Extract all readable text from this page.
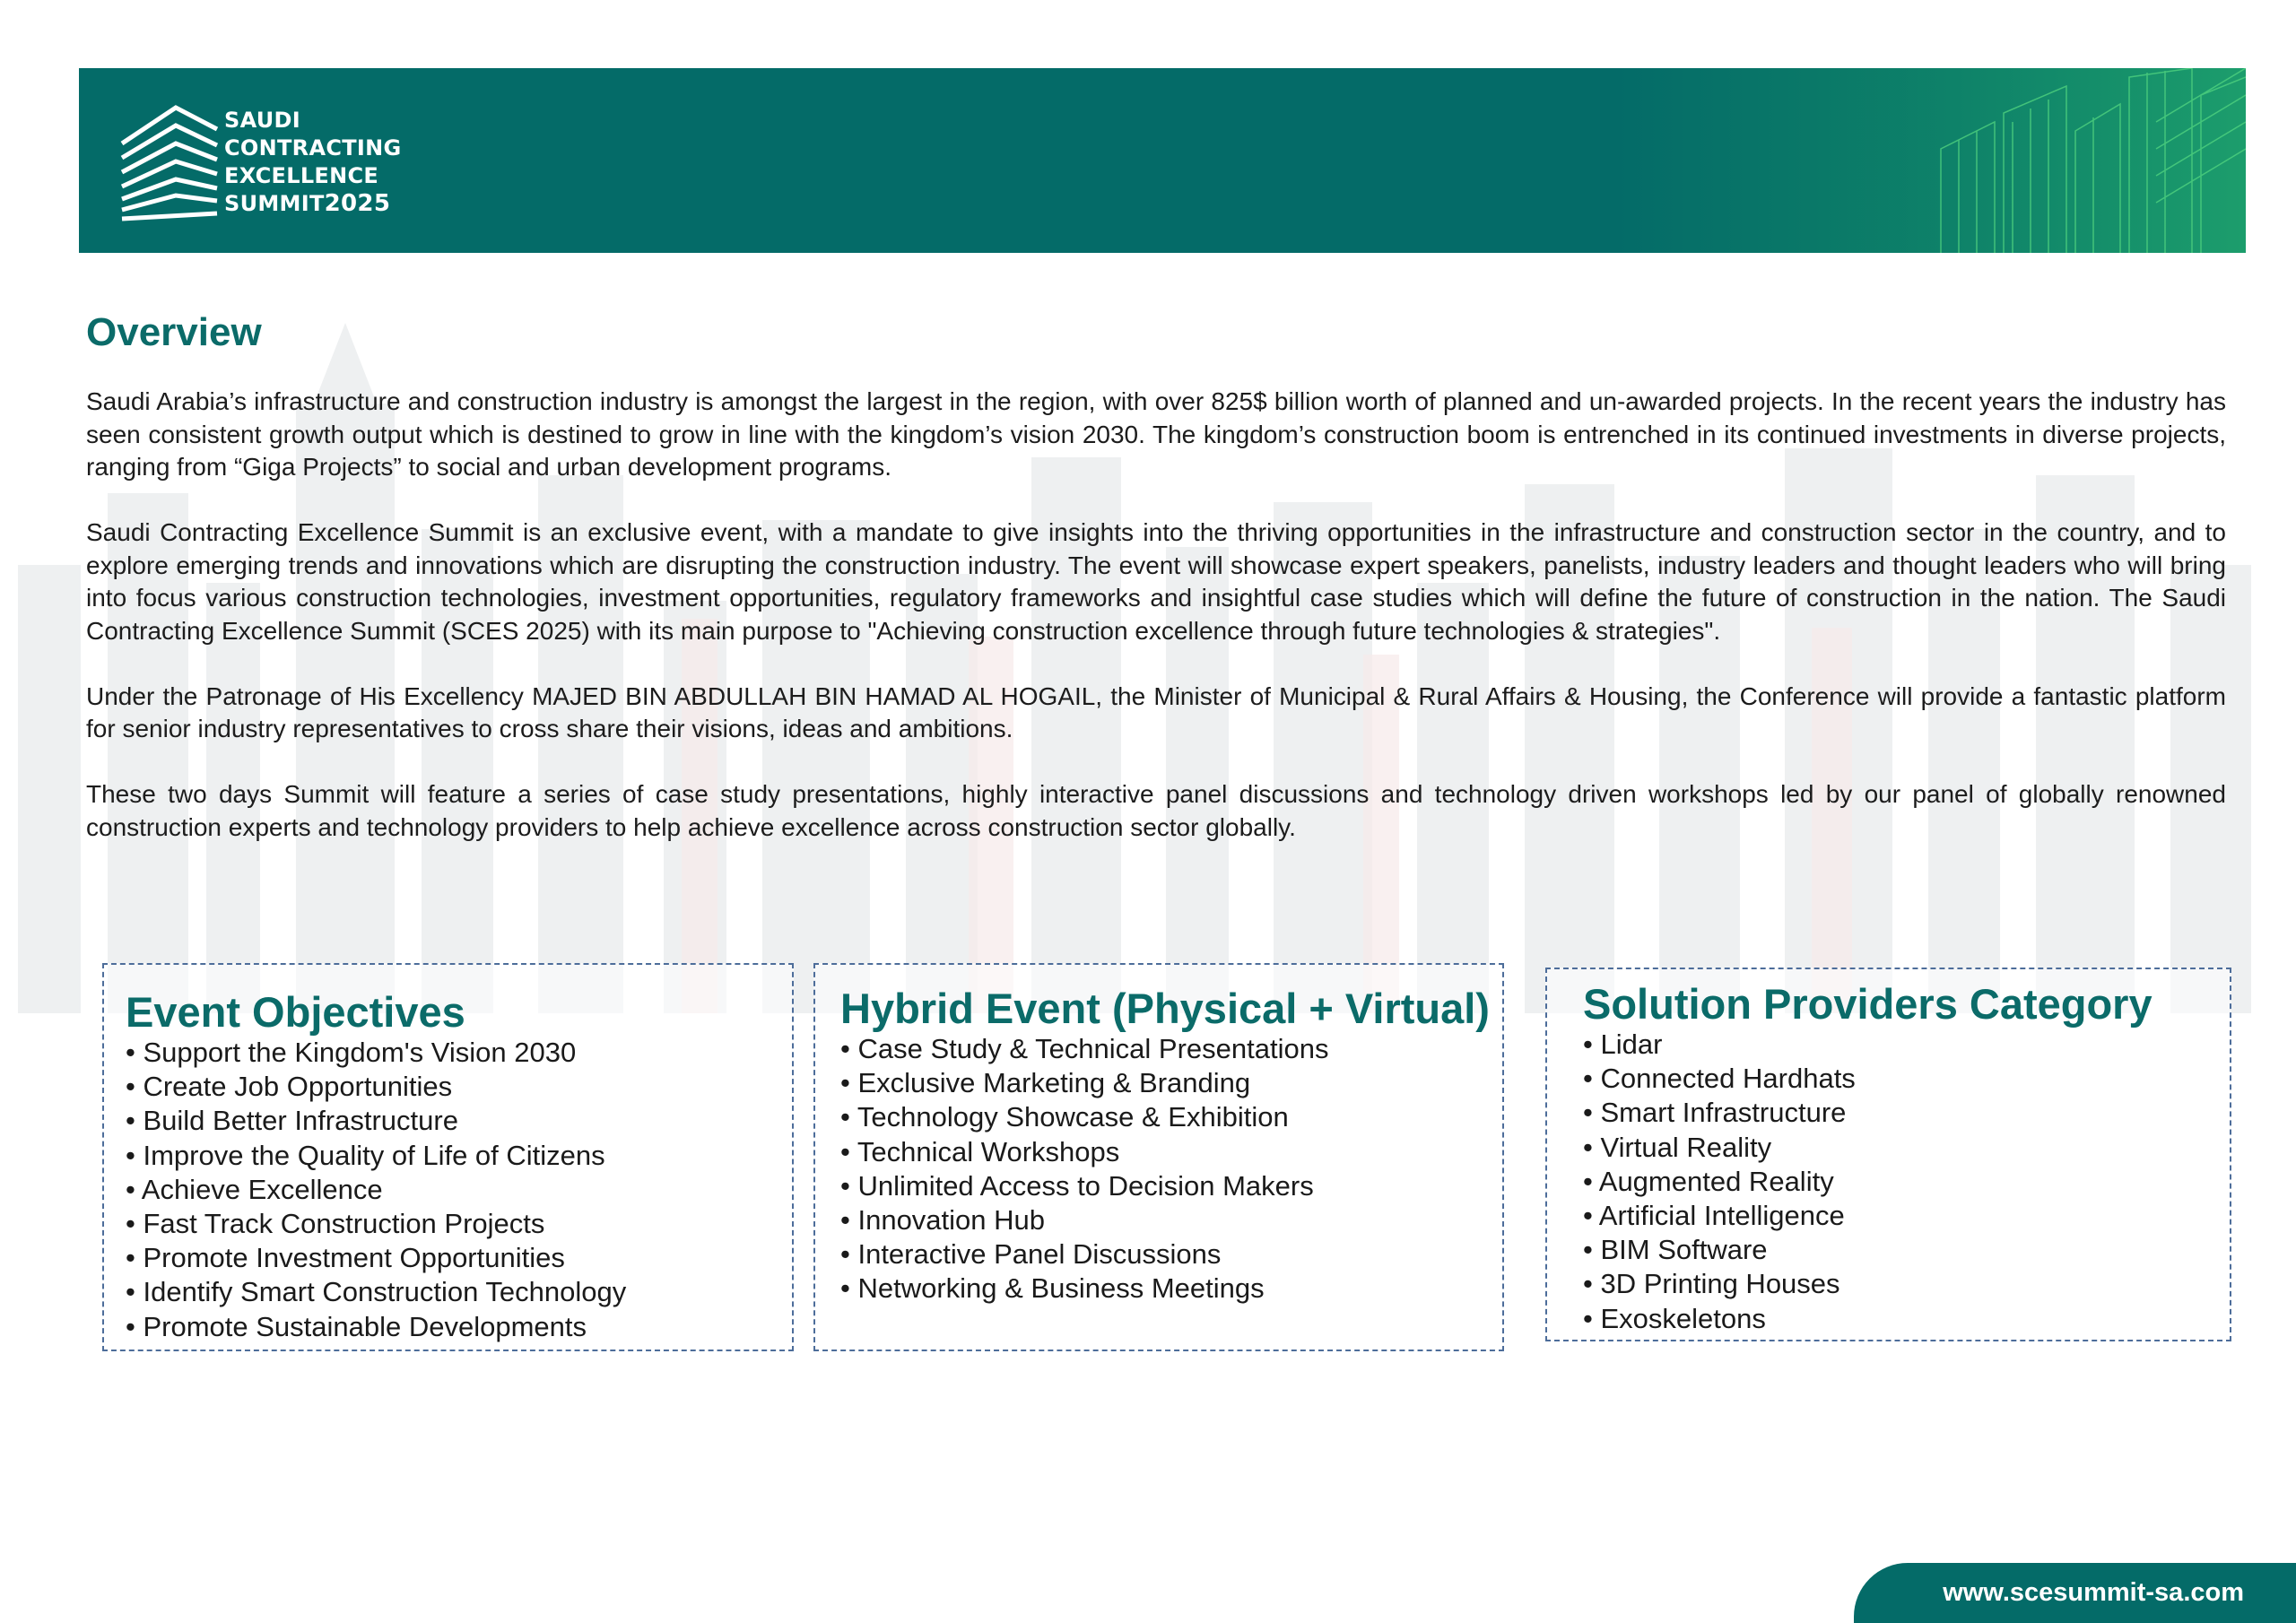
SAUDI
CONTRACTING
EXCELLENCE
SUMMIT2025
Overview

Saudi Arabia’s infrastructure and construction industry is amongst the largest in the region, with over 825$ billion worth of planned and un-awarded projects. In the recent years the industry has seen consistent growth output which is destined to grow in line with the kingdom’s vision 2030. The kingdom’s construction boom is entrenched in its continued investments in diverse projects, ranging from “Giga Projects” to social and urban development programs.

Saudi Contracting Excellence Summit is an exclusive event, with a mandate to give insights into the thriving opportunities in the infrastructure and construction sector in the country, and to explore emerging trends and innovations which are disrupting the construction industry. The event will showcase expert speakers, panelists, industry leaders and thought leaders who will bring into focus various construction technologies, investment opportunities, regulatory frameworks and insightful case studies which will define the future of construction in the nation. The Saudi Contracting Excellence Summit (SCES 2025) with its main purpose to "Achieving construction excellence through future technologies & strategies".

Under the Patronage of His Excellency MAJED BIN ABDULLAH BIN HAMAD AL HOGAIL, the Minister of Municipal & Rural Affairs & Housing, the Conference will provide a fantastic platform for senior industry representatives to cross share their visions, ideas and ambitions.

These two days Summit will feature a series of case study presentations, highly interactive panel discussions and technology driven workshops led by our panel of globally renowned construction experts and technology providers to help achieve excellence across construction sector globally.

Event Objectives
• Support the Kingdom's Vision 2030
• Create Job Opportunities
• Build Better Infrastructure
• Improve the Quality of Life of Citizens
• Achieve Excellence
• Fast Track Construction Projects
• Promote Investment Opportunities
• Identify Smart Construction Technology
• Promote Sustainable Developments
Hybrid Event (Physical + Virtual)
• Case Study & Technical Presentations
• Exclusive Marketing & Branding
• Technology Showcase & Exhibition
• Technical Workshops
• Unlimited Access to Decision Makers
• Innovation Hub
• Interactive Panel Discussions
• Networking & Business Meetings
Solution Providers Category
• Lidar
• Connected Hardhats
• Smart Infrastructure
• Virtual Reality
• Augmented Reality
• Artificial Intelligence
• BIM Software
• 3D Printing Houses
• Exoskeletons
www.scesummit-sa.com
